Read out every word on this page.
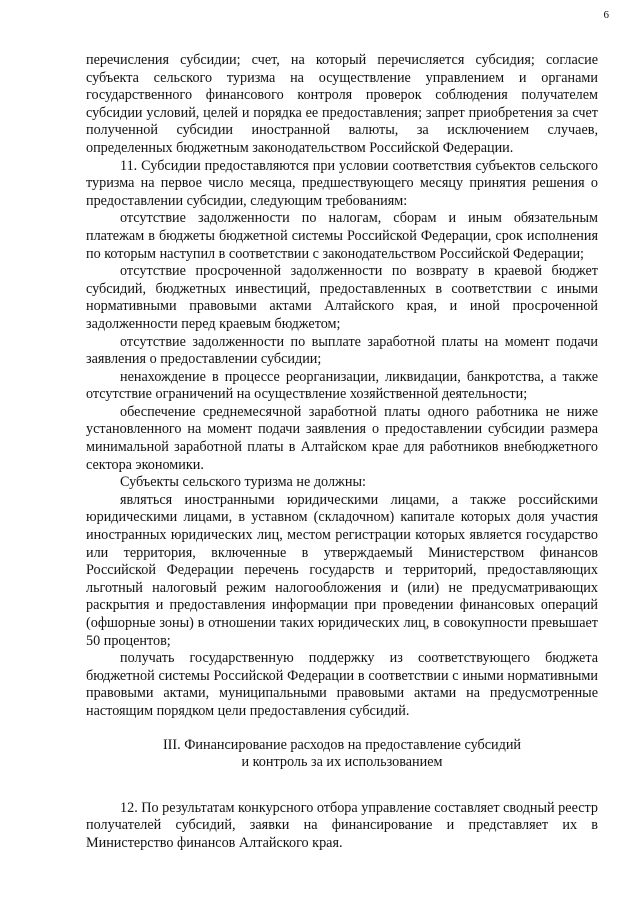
6

перечисления субсидии; счет, на который перечисляется субсидия; согласие субъекта сельского туризма на осуществление управлением и органами государственного финансового контроля проверок соблюдения получателем субсидии условий, целей и порядка ее предоставления; запрет приобретения за счет полученной субсидии иностранной валюты, за исключением случаев, определенных бюджетным законодательством Российской Федерации.

11. Субсидии предоставляются при условии соответствия субъектов сельского туризма на первое число месяца, предшествующего месяцу принятия решения о предоставлении субсидии, следующим требованиям:

отсутствие задолженности по налогам, сборам и иным обязательным платежам в бюджеты бюджетной системы Российской Федерации, срок исполнения по которым наступил в соответствии с законодательством Российской Федерации;

отсутствие просроченной задолженности по возврату в краевой бюджет субсидий, бюджетных инвестиций, предоставленных в соответствии с иными нормативными правовыми актами Алтайского края, и иной просроченной задолженности перед краевым бюджетом;

отсутствие задолженности по выплате заработной платы на момент подачи заявления о предоставлении субсидии;

ненахождение в процессе реорганизации, ликвидации, банкротства, а также отсутствие ограничений на осуществление хозяйственной деятельности;

обеспечение среднемесячной заработной платы одного работника не ниже установленного на момент подачи заявления о предоставлении субсидии размера минимальной заработной платы в Алтайском крае для работников внебюджетного сектора экономики.

Субъекты сельского туризма не должны:

являться иностранными юридическими лицами, а также российскими юридическими лицами, в уставном (складочном) капитале которых доля участия иностранных юридических лиц, местом регистрации которых является государство или территория, включенные в утверждаемый Министерством финансов Российской Федерации перечень государств и территорий, предоставляющих льготный налоговый режим налогообложения и (или) не предусматривающих раскрытия и предоставления информации при проведении финансовых операций (офшорные зоны) в отношении таких юридических лиц, в совокупности превышает 50 процентов;

получать государственную поддержку из соответствующего бюджета бюджетной системы Российской Федерации в соответствии с иными нормативными правовыми актами, муниципальными правовыми актами на предусмотренные настоящим порядком цели предоставления субсидий.

III. Финансирование расходов на предоставление субсидий
и контроль за их использованием

12. По результатам конкурсного отбора управление составляет сводный реестр получателей субсидий, заявки на финансирование и представляет их в Министерство финансов Алтайского края.
